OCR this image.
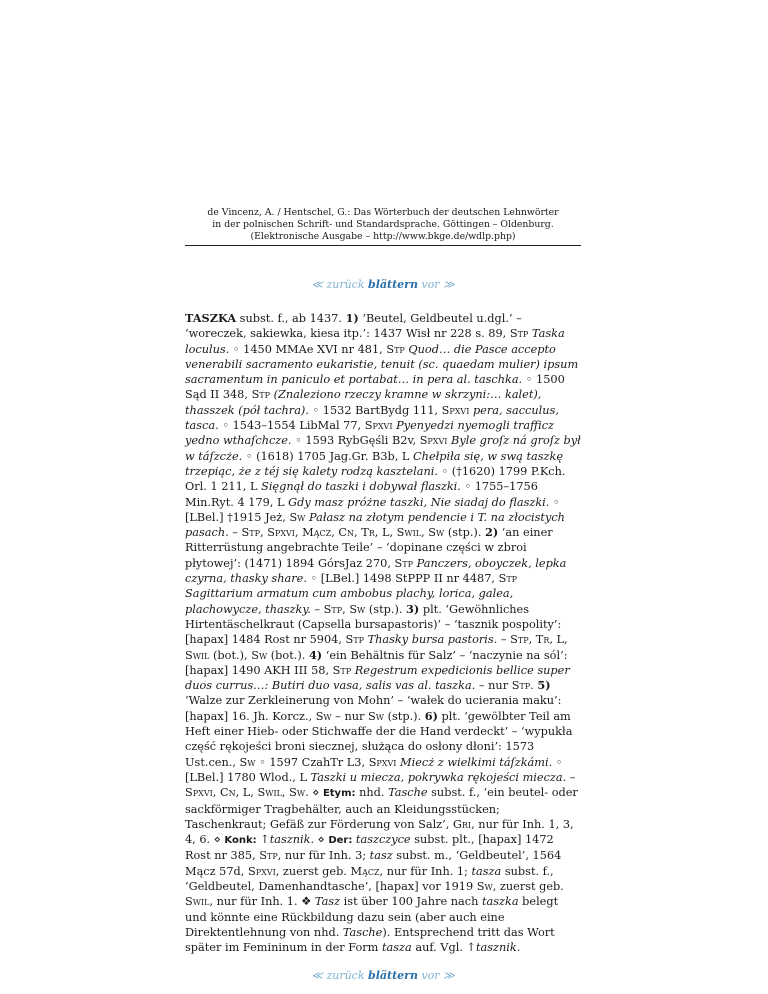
de Vincenz, A. / Hentschel, G.: Das Wörterbuch der deutschen Lehnwörter
in der polnischen Schrift- und Standardsprache. Göttingen – Oldenburg.
(Elektronische Ausgabe – http://www.bkge.de/wdlp.php)
≪ zurück blättern vor ≫
TASZKA subst. f., ab 1437. 1) ‘Beutel, Geldbeutel u.dgl.’ – ‘woreczek, sakiewka, kiesa itp.’: 1437 Wisł nr 228 s. 89, Stp Taska loculus. ◦ 1450 MMAe XVI nr 481, Stp Quod… die Pasce accepto venerabili sacramento eukaristie, tenuit (sc. quaedam mulier) ipsum sacramentum in paniculo et portabat… in pera al. taschka. ◦ 1500 Sąd II 348, Stp (Znaleziono rzeczy kramne w skrzyni:… kalet), thasszek (pół tachra). ◦ 1532 BartBydg 111, Spxvi pera, sacculus, tasca. ◦ 1543–1554 LibMal 77, Spxvi Pyenyedzi nyemogli trafficz yedno wthaſchcze. ◦ 1593 RybGęśli B2v, Spxvi Byle groſz ná groſz był w táſzcże. ◦ (1618) 1705 Jag.Gr. B3b, L Chełpiła się, w swą taszkę trzepiąc, że z téj się kalety rodzą kasztelani. ◦ (†1620) 1799 P.Kch. Orl. 1 211, L Sięgnął do taszki i dobywał flaszki. ◦ 1755–1756 Min.Ryt. 4 179, L Gdy masz próżne taszki, Nie siadaj do flaszki. ◦ [LBel.] †1915 Jeż, Sw Pałasz na złotym pendencie i T. na złocistych pasach. – Stp, Spxvi, Mącz, Cn, Tr, L, Swil, Sw (stp.). 2) ‘an einer Ritterrüstung angebrachte Teile’ – ‘dopinane części w zbroi płytowej’: (1471) 1894 GórsJaz 270, Stp Panczers, oboyczek, lepka czyrna, thasky share. ◦ [LBel.] 1498 StPPP II nr 4487, Stp Sagittarium armatum cum ambobus plachy, lorica, galea, plachowycze, thaszky. – Stp, Sw (stp.). 3) plt. ‘Gewöhnliches Hirtentäschelkraut (Capsella bursapastoris)’ – ‘tasznik pospolity’: [hapax] 1484 Rost nr 5904, Stp Thasky bursa pastoris. – Stp, Tr, L, Swil (bot.), Sw (bot.). 4) ‘ein Behältnis für Salz’ – ‘naczynie na sól’: [hapax] 1490 AKH III 58, Stp Regestrum expedicionis bellice super duos currus…: Butiri duo vasa, salis vas al. taszka. – nur Stp. 5) ‘Walze zur Zerkleinerung von Mohn’ – ‘wałek do ucierania maku’: [hapax] 16. Jh. Korcz., Sw – nur Sw (stp.). 6) plt. ‘gewölbter Teil am Heft einer Hieb- oder Stichwaffe der die Hand verdeckt’ – ‘wypukła część rękojeści broni siecznej, służąca do osłony dłoni’: 1573 Ust.cen., Sw ◦ 1597 CzahTr L3, Spxvi Miecż z wielkimi táſzkámi. ◦ [LBel.] 1780 Wlod., L Taszki u miecza, pokrywka rękojeści miecza. – Spxvi, Cn, L, Swil, Sw. ⋄ Etym: nhd. Tasche subst. f., ‘ein beutel- oder sackförmiger Tragbehälter, auch an Kleidungsstücken; Taschenkraut; Gefäß zur Förderung von Salz’, Gri, nur für Inh. 1, 3, 4, 6. ⋄ Konk: ↑tasznik. ⋄ Der: taszczyce subst. plt., [hapax] 1472 Rost nr 385, Stp, nur für Inh. 3; tasz subst. m., ‘Geldbeutel’, 1564 Mącz 57d, Spxvi, zuerst geb. Mącz, nur für Inh. 1; tasza subst. f., ‘Geldbeutel, Damenhandtasche’, [hapax] vor 1919 Sw, zuerst geb. Swil, nur für Inh. 1. ❖ Tasz ist über 100 Jahre nach taszka belegt und könnte eine Rückbildung dazu sein (aber auch eine Direktentlehnung von nhd. Tasche). Entsprechend tritt das Wort später im Femininum in der Form tasza auf. Vgl. ↑tasznik.
≪ zurück blättern vor ≫
